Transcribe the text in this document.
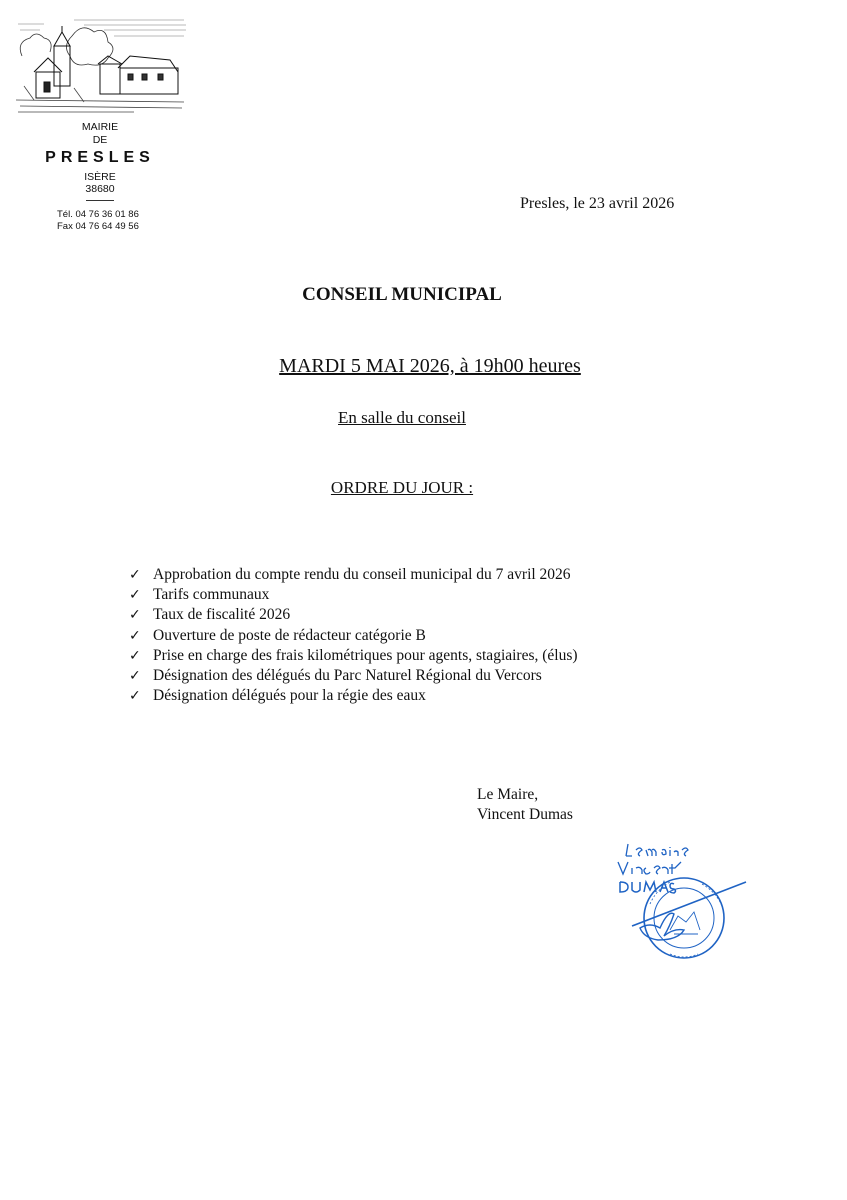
MAIRIE
DE
PRESLES
ISÈRE
38680
Tél. 04 76 36 01 86
Fax 04 76 64 49 56
Presles, le 23 avril 2026
CONSEIL MUNICIPAL
MARDI 5 MAI 2026, à 19h00 heures
En salle du conseil
ORDRE DU JOUR :
✓ Approbation du compte rendu du conseil municipal du 7 avril 2026
✓ Tarifs communaux
✓ Taux de fiscalité 2026
✓ Ouverture de poste de rédacteur catégorie B
✓ Prise en charge des frais kilométriques pour agents, stagiaires, (élus)
✓ Désignation des délégués du Parc Naturel Régional du Vercors
✓ Désignation délégués pour la régie des eaux
Le Maire,
Vincent Dumas
